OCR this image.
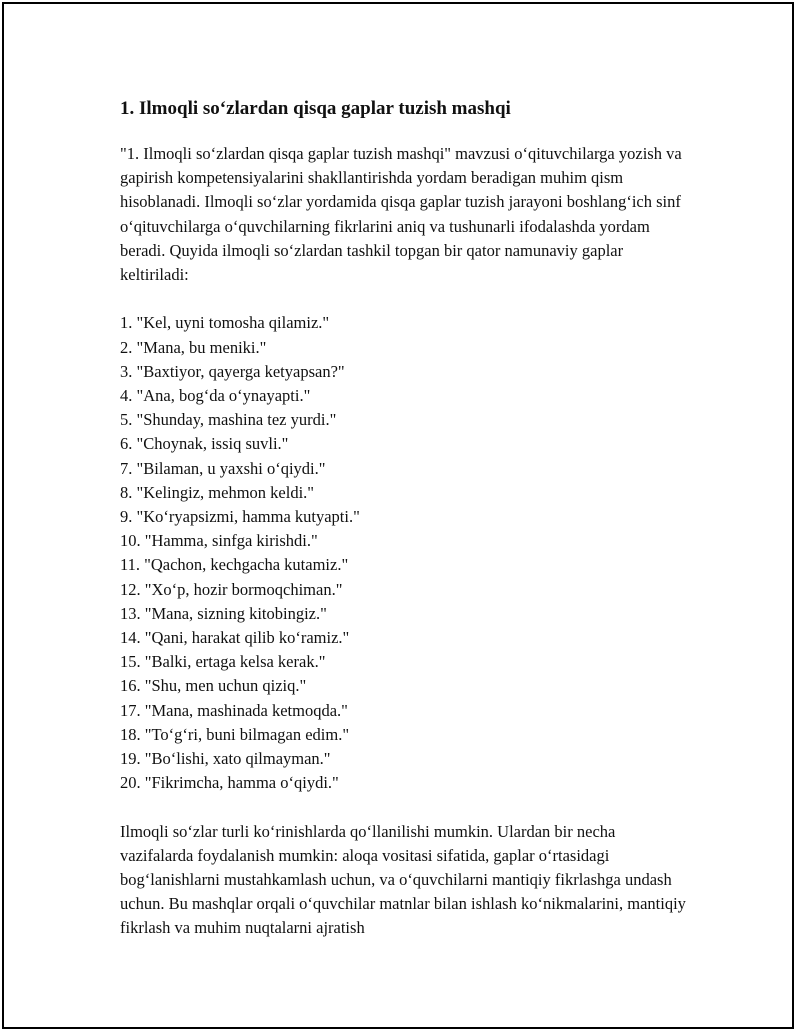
1. Ilmoqli so‘zlardan qisqa gaplar tuzish mashqi

"1. Ilmoqli so‘zlardan qisqa gaplar tuzish mashqi" mavzusi o‘qituvchilarga yozish va gapirish kompetensiyalarini shakllantirishda yordam beradigan muhim qism hisoblanadi. Ilmoqli so‘zlar yordamida qisqa gaplar tuzish jarayoni boshlang‘ich sinf o‘qituvchilarga o‘quvchilarning fikrlarini aniq va tushunarli ifodalashda yordam beradi. Quyida ilmoqli so‘zlardan tashkil topgan bir qator namunaviy gaplar keltiriladi:

1. "Kel, uyni tomosha qilamiz."
2. "Mana, bu meniki."
3. "Baxtiyor, qayerga ketyapsan?"
4. "Ana, bog‘da o‘ynayapti."
5. "Shunday, mashina tez yurdi."
6. "Choynak, issiq suvli."
7. "Bilaman, u yaxshi o‘qiydi."
8. "Kelingiz, mehmon keldi."
9. "Ko‘ryapsizmi, hamma kutyapti."
10. "Hamma, sinfga kirishdi."
11. "Qachon, kechgacha kutamiz."
12. "Xo‘p, hozir bormoqchiman."
13. "Mana, sizning kitobingiz."
14. "Qani, harakat qilib ko‘ramiz."
15. "Balki, ertaga kelsa kerak."
16. "Shu, men uchun qiziq."
17. "Mana, mashinada ketmoqda."
18. "To‘g‘ri, buni bilmagan edim."
19. "Bo‘lishi, xato qilmayman."
20. "Fikrimcha, hamma o‘qiydi."

Ilmoqli so‘zlar turli ko‘rinishlarda qo‘llanilishi mumkin. Ulardan bir necha vazifalarda foydalanish mumkin: aloqa vositasi sifatida, gaplar o‘rtasidagi bog‘lanishlarni mustahkamlash uchun, va o‘quvchilarni mantiqiy fikrlashga undash uchun. Bu mashqlar orqali o‘quvchilar matnlar bilan ishlash ko‘nikmalarini, mantiqiy fikrlash va muhim nuqtalarni ajratish
